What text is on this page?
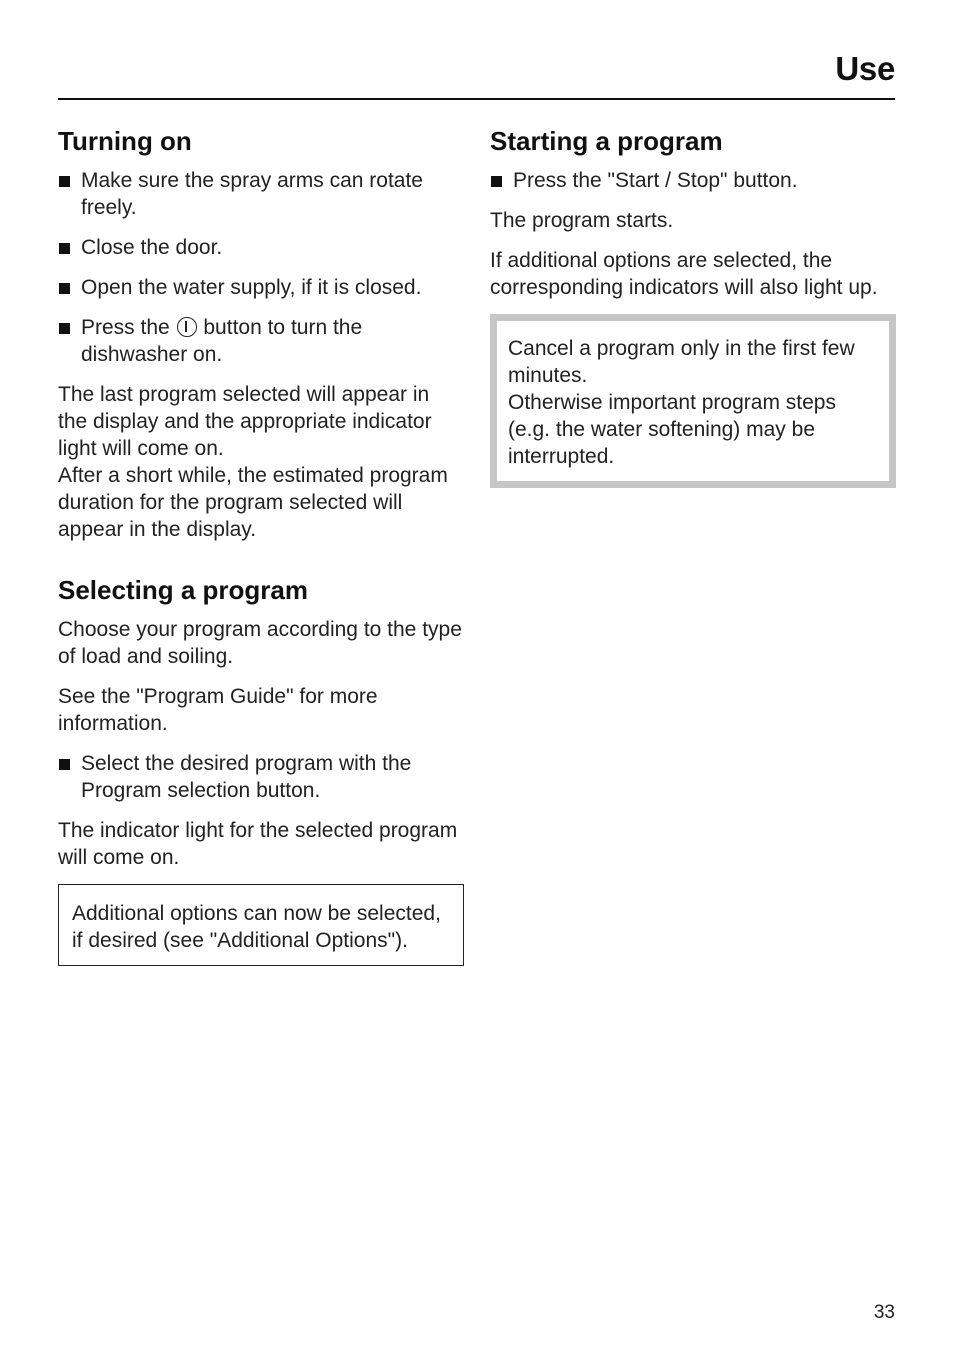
Use
Turning on
Make sure the spray arms can rotate freely.
Close the door.
Open the water supply, if it is closed.
Press the  button to turn the dishwasher on.

The last program selected will appear in the display and the appropriate indicator light will come on.
After a short while, the estimated program duration for the program selected will appear in the display.

Selecting a program

Choose your program according to the type of load and soiling.

See the "Program Guide" for more information.

Select the desired program with the Program selection button.

The indicator light for the selected program will come on.

Additional options can now be selected, if desired (see "Additional Options").

Starting a program
Press the "Start / Stop" button.

The program starts.

If additional options are selected, the corresponding indicators will also light up.

Cancel a program only in the first few minutes.
Otherwise important program steps (e.g. the water softening) may be interrupted.

33
